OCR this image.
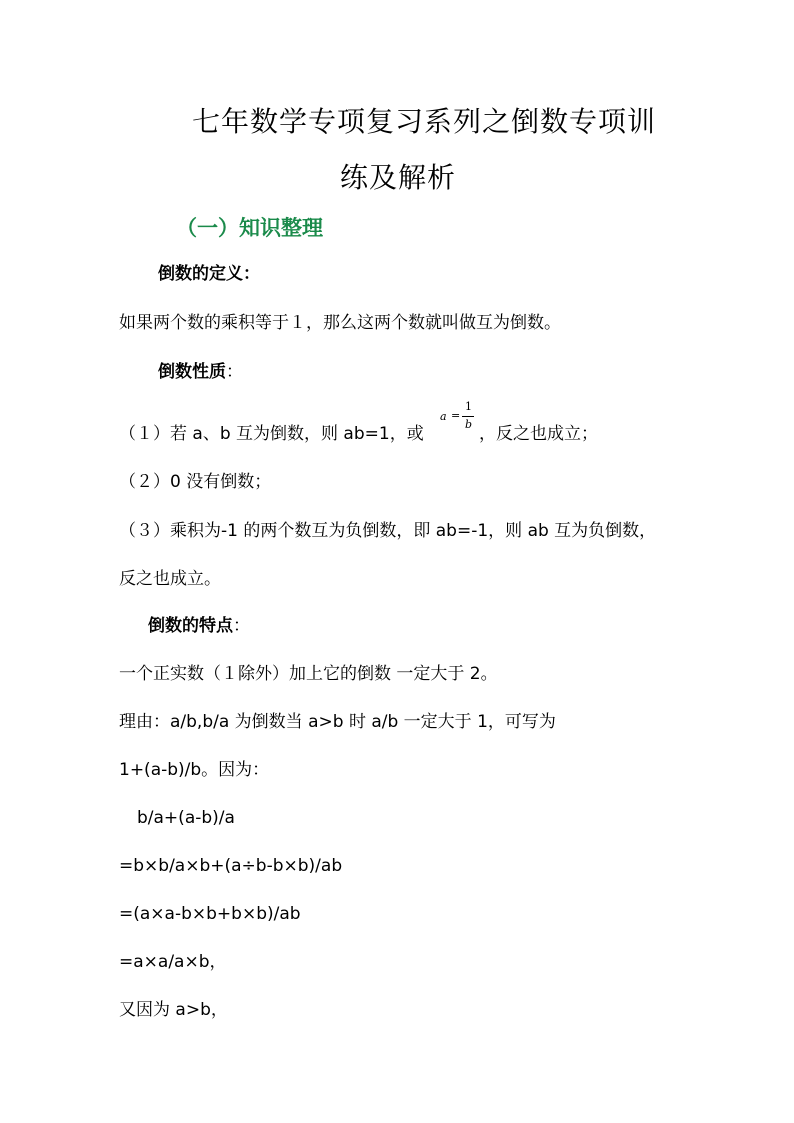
七年数学专项复习系列之倒数专项训
练及解析
（一）知识整理
倒数的定义：
如果两个数的乘积等于１，那么这两个数就叫做互为倒数。
倒数性质：
（１）若 a、b 互为倒数，则 ab=1，或
a =
1
b ，反之也成立；
（２）0 没有倒数；
（３）乘积为-1 的两个数互为负倒数，即 ab=-1，则 ab 互为负倒数，
反之也成立。
倒数的特点：
一个正实数（１除外）加上它的倒数 一定大于 2。
理由：a/b,b/a 为倒数当 a>b 时 a/b 一定大于 1，可写为
1+(a-b)/b。因为：
b/a+(a-b)/a
=b×b/a×b+(a÷b-b×b)/ab
=(a×a-b×b+b×b)/ab
=a×a/a×b，
又因为 a>b，
